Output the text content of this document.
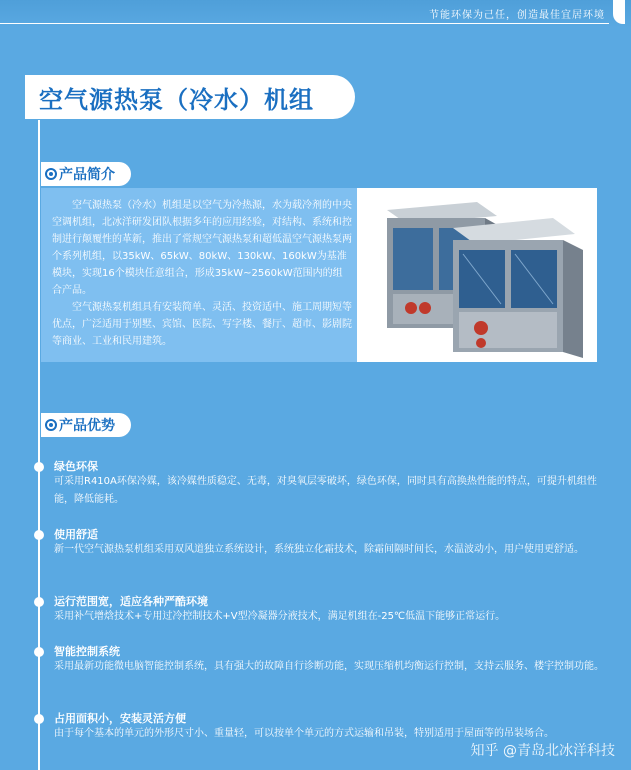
节能环保为己任，创造最佳宜居环境
空气源热泵（冷水）机组
产品简介

空气源热泵（冷水）机组是以空气为冷热源，水为载冷剂的中央空调机组，北冰洋研发团队根据多年的应用经验，对结构、系统和控制进行颠覆性的革新，推出了常规空气源热泵和超低温空气源热泵两个系列机组，以35kW、65kW、80kW、130kW、160kW为基准模块，实现16个模块任意组合，形成35kW~2560kW范围内的组合产品。

空气源热泵机组具有安装简单、灵活、投资适中、施工周期短等优点，广泛适用于别墅、宾馆、医院、写字楼、餐厅、超市、影剧院等商业、工业和民用建筑。

产品优势
绿色环保
可采用R410A环保冷媒，该冷媒性质稳定、无毒，对臭氧层零破坏，绿色环保，同时具有高换热性能的特点，可提升机组性能，降低能耗。
使用舒适
新一代空气源热泵机组采用双风道独立系统设计，系统独立化霜技术，除霜间隔时间长，水温波动小，用户使用更舒适。
运行范围宽，适应各种严酷环境
采用补气增焓技术+专用过冷控制技术+V型冷凝器分液技术，满足机组在-25℃低温下能够正常运行。
智能控制系统
采用最新功能微电脑智能控制系统，具有强大的故障自行诊断功能，实现压缩机均衡运行控制，支持云服务、楼宇控制功能。
占用面积小，安装灵活方便
由于每个基本的单元的外形尺寸小、重量轻，可以按单个单元的方式运输和吊装，特别适用于屋面等的吊装场合。
知乎 @青岛北冰洋科技
